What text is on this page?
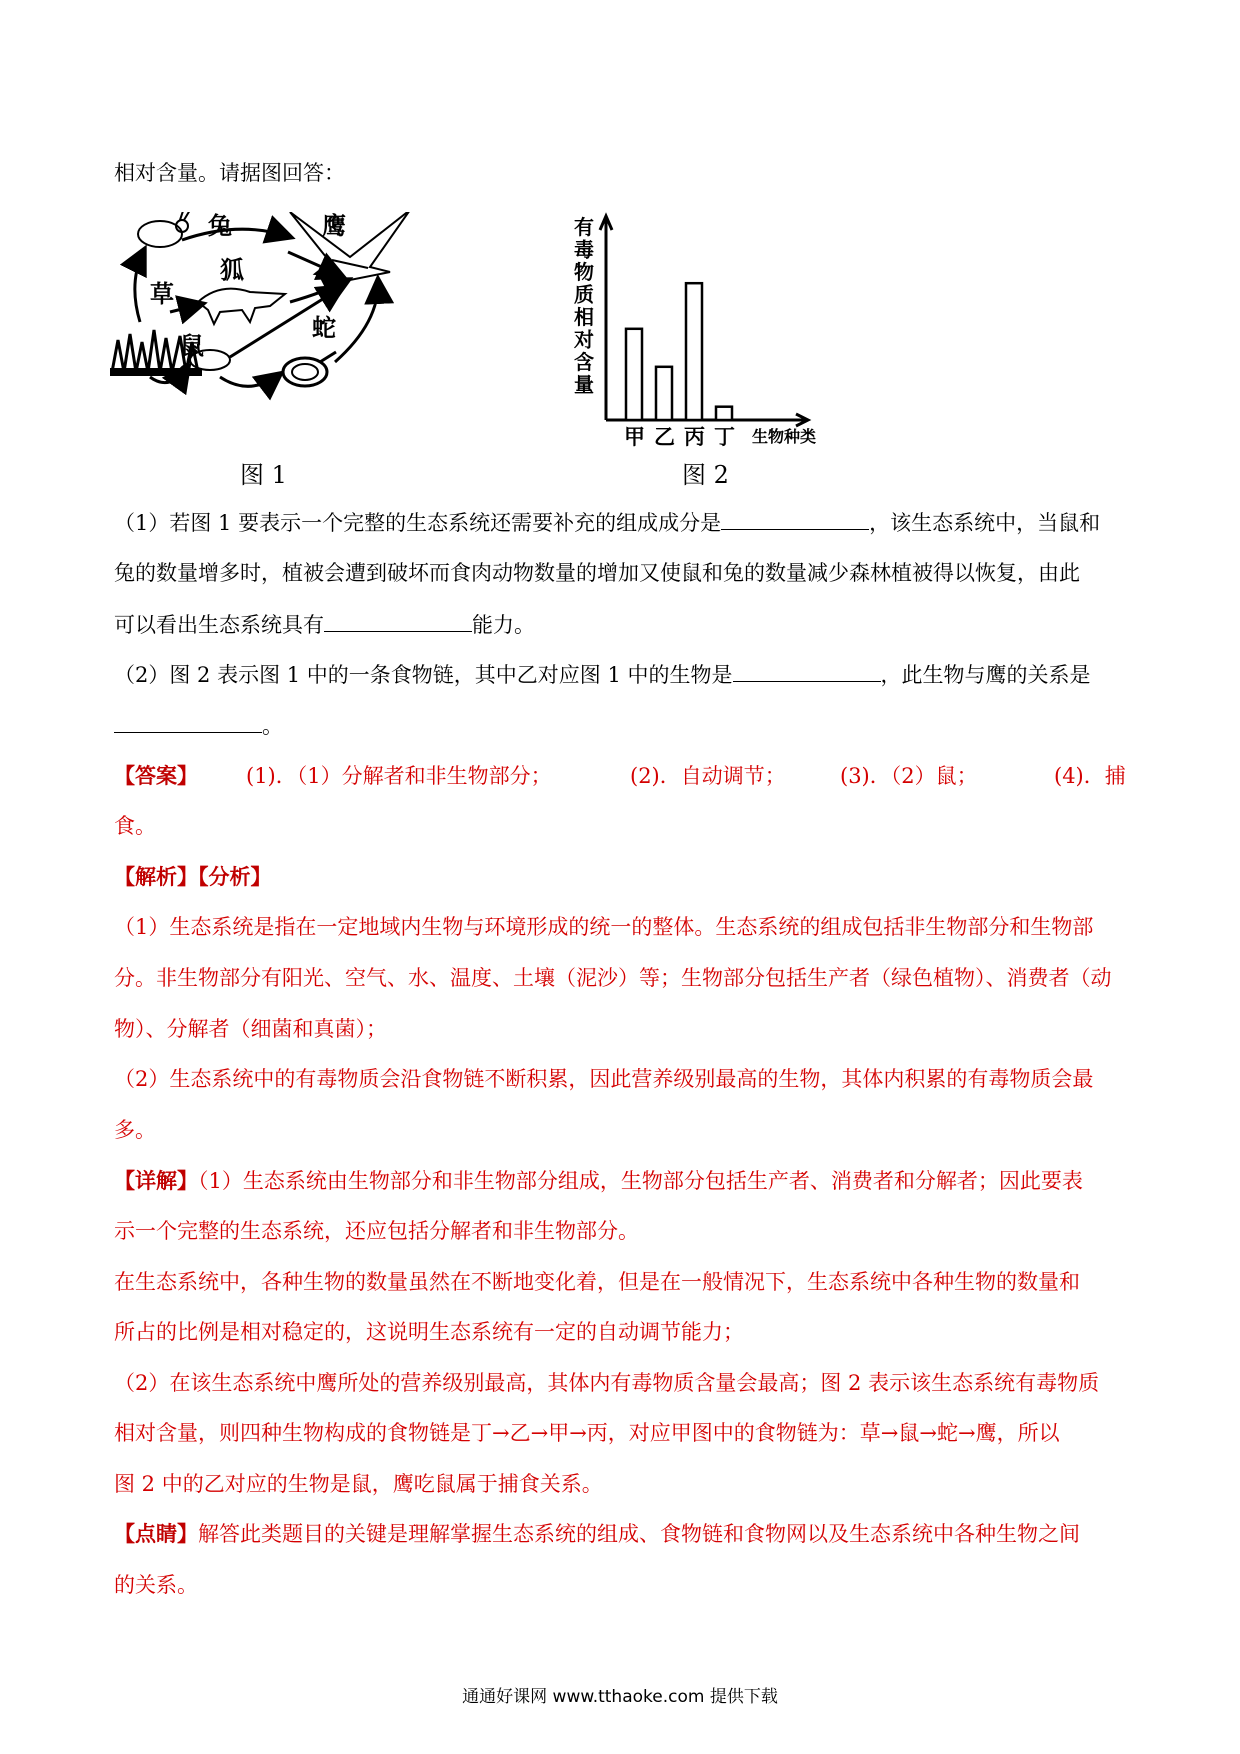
相对含量。请据图回答：
兔	鹰
狐
草
鼠
蛇
图 1
有毒物质相对含量
甲 乙 丙 丁 生物种类
图 2
（1）若图 1 要表示一个完整的生态系统还需要补充的组成成分是	，该生态系统中，当鼠和
兔的数量增多时，植被会遭到破坏而食肉动物数量的增加又使鼠和兔的数量减少森林植被得以恢复，由此
可以看出生态系统具有	能力。
（2）图 2 表示图 1 中的一条食物链，其中乙对应图 1 中的生物是	，此生物与鹰的关系是
。
【答案】 (1)．（1）分解者和非生物部分；	(2)．自动调节；	(3)．（2）鼠；	(4)．捕
食。
【解析】【分析】
（1）生态系统是指在一定地域内生物与环境形成的统一的整体。生态系统的组成包括非生物部分和生物部
分。非生物部分有阳光、空气、水、温度、土壤（泥沙）等；生物部分包括生产者（绿色植物）、消费者（动
物）、分解者（细菌和真菌）；
（2）生态系统中的有毒物质会沿食物链不断积累，因此营养级别最高的生物，其体内积累的有毒物质会最
多。
【详解】（1）生态系统由生物部分和非生物部分组成，生物部分包括生产者、消费者和分解者；因此要表
示一个完整的生态系统，还应包括分解者和非生物部分。
在生态系统中，各种生物的数量虽然在不断地变化着，但是在一般情况下，生态系统中各种生物的数量和
所占的比例是相对稳定的，这说明生态系统有一定的自动调节能力；
（2）在该生态系统中鹰所处的营养级别最高，其体内有毒物质含量会最高；图 2 表示该生态系统有毒物质
相对含量，则四种生物构成的食物链是丁→乙→甲→丙，对应甲图中的食物链为：草→鼠→蛇→鹰，所以
图 2 中的乙对应的生物是鼠，鹰吃鼠属于捕食关系。
【点睛】解答此类题目的关键是理解掌握生态系统的组成、食物链和食物网以及生态系统中各种生物之间
的关系。
通通好课网 www.tthaoke.com 提供下载
